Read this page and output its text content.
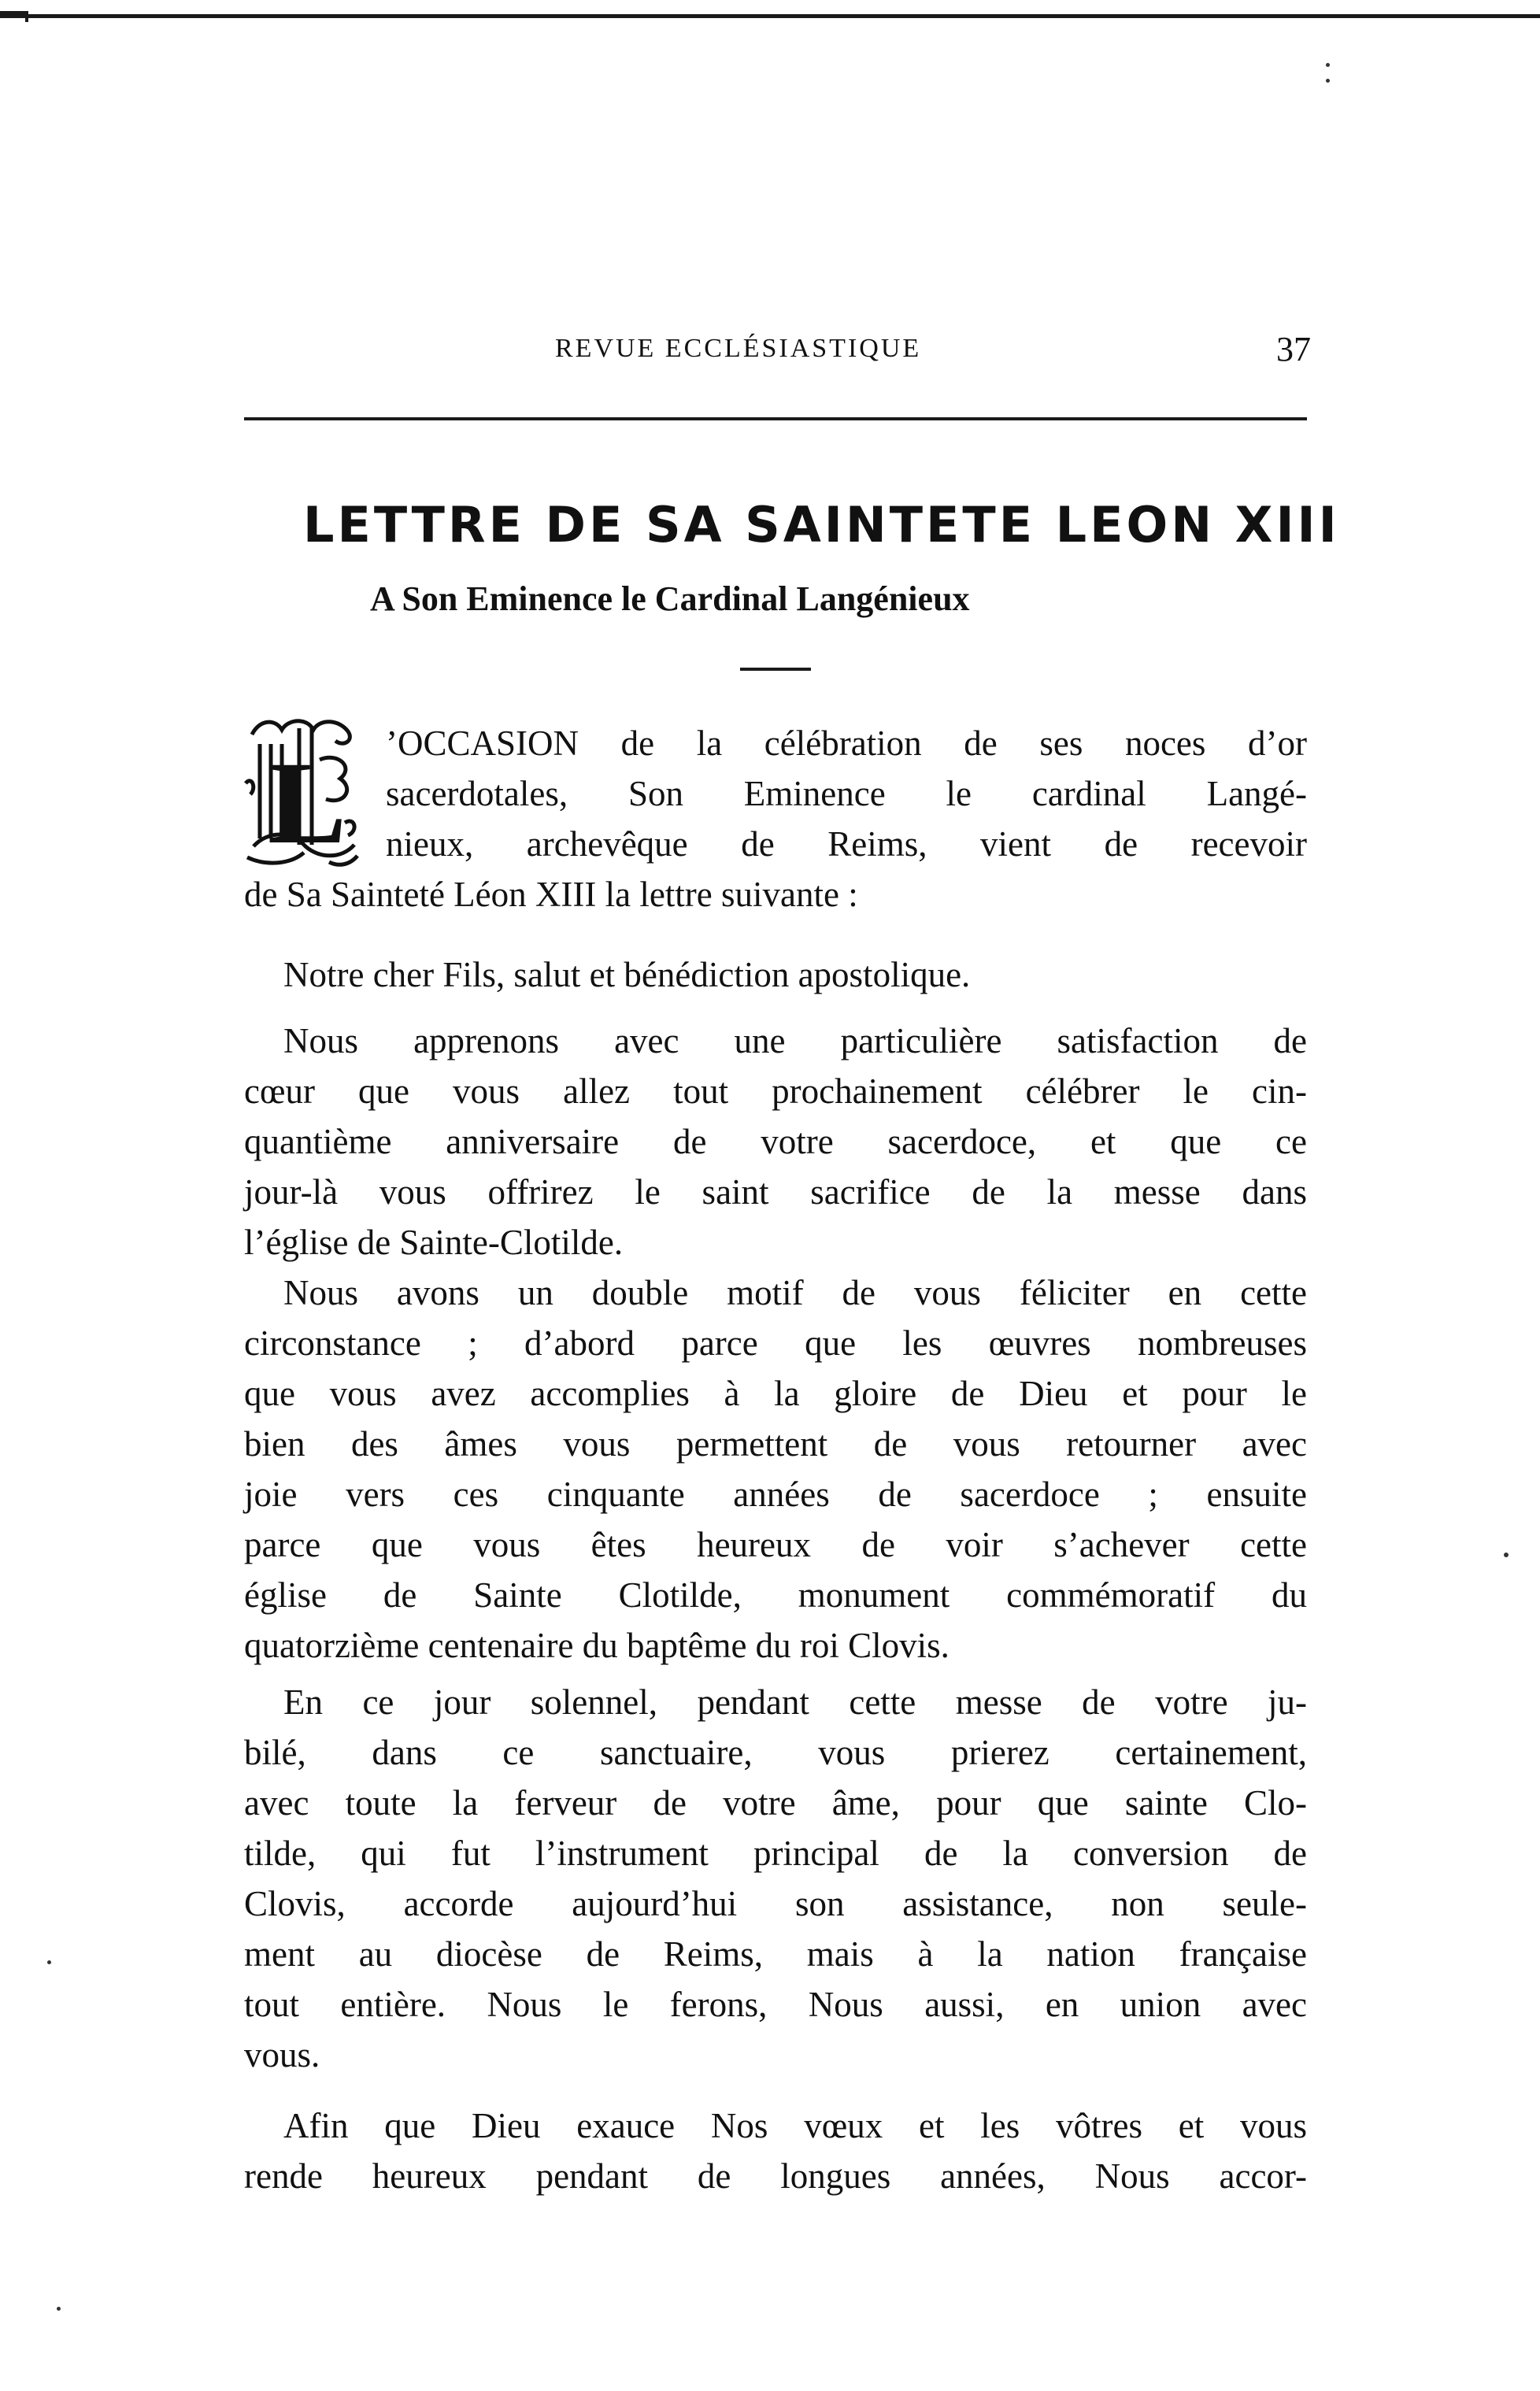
REVUE ECCLÉSIASTIQUE	37
LETTRE DE SA SAINTETE LEON XIII
A Son Eminence le Cardinal Langénieux
L ’OCCASION de la célébration de ses noces d’or
sacerdotales, Son Eminence le cardinal Langé-
nieux, archevêque de Reims, vient de recevoir
de Sa Sainteté Léon XIII la lettre suivante :
Notre cher Fils, salut et bénédiction apostolique.
Nous apprenons avec une particulière satisfaction de
cœur que vous allez tout prochainement célébrer le cin-
quantième anniversaire de votre sacerdoce, et que ce
jour-là vous offrirez le saint sacrifice de la messe dans
l’église de Sainte-Clotilde.
Nous avons un double motif de vous féliciter en cette
circonstance ; d’abord parce que les œuvres nombreuses
que vous avez accomplies à la gloire de Dieu et pour le
bien des âmes vous permettent de vous retourner avec
joie vers ces cinquante années de sacerdoce ; ensuite
parce que vous êtes heureux de voir s’achever cette
église de Sainte Clotilde, monument commémoratif du
quatorzième centenaire du baptême du roi Clovis.
En ce jour solennel, pendant cette messe de votre ju-
bilé, dans ce sanctuaire, vous prierez certainement,
avec toute la ferveur de votre âme, pour que sainte Clo-
tilde, qui fut l’instrument principal de la conversion de
Clovis, accorde aujourd’hui son assistance, non seule-
ment au diocèse de Reims, mais à la nation française
tout entière. Nous le ferons, Nous aussi, en union avec
vous.
Afin que Dieu exauce Nos vœux et les vôtres et vous
rende heureux pendant de longues années, Nous accor-
